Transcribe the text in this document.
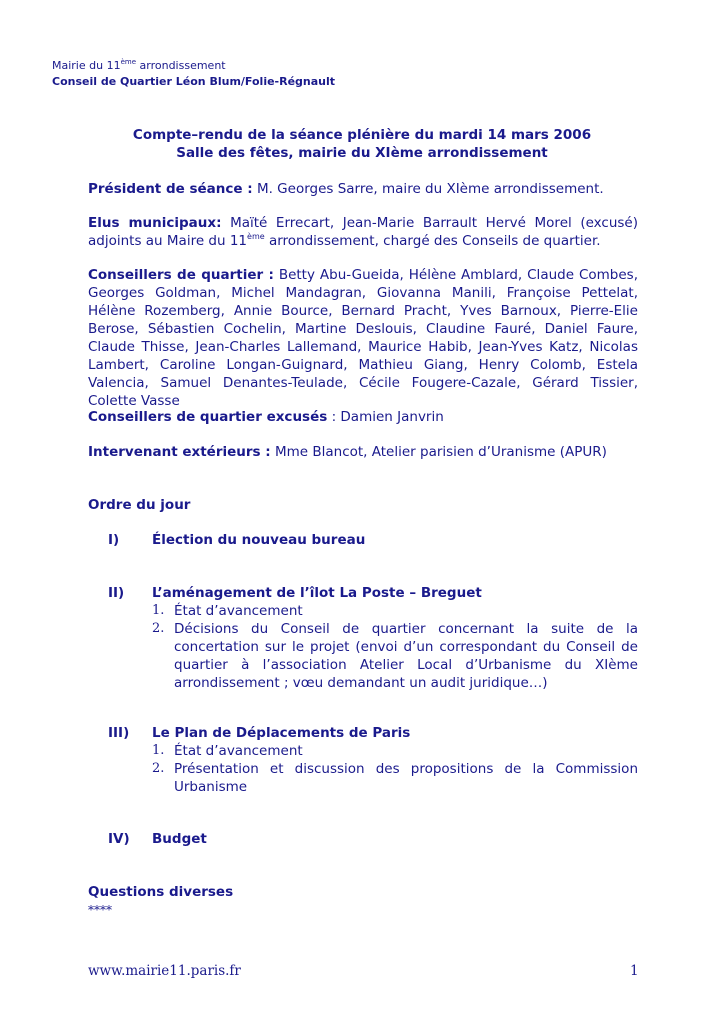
Mairie du 11ème arrondissement
Conseil de Quartier Léon Blum/Folie-Régnault
Compte–rendu de la séance plénière du mardi 14 mars 2006
Salle des fêtes, mairie du XIème arrondissement
Président de séance : M. Georges Sarre, maire du XIème arrondissement.
Elus municipaux: Maïté Errecart, Jean-Marie Barrault Hervé Morel (excusé) adjoints au Maire du 11ème arrondissement, chargé des Conseils de quartier.
Conseillers de quartier : Betty Abu-Gueida, Hélène Amblard, Claude Combes, Georges Goldman, Michel Mandagran, Giovanna Manili, Françoise Pettelat, Hélène Rozemberg, Annie Bource, Bernard Pracht, Yves Barnoux, Pierre-Elie Berose, Sébastien Cochelin, Martine Deslouis, Claudine Fauré, Daniel Faure, Claude Thisse, Jean-Charles Lallemand, Maurice Habib, Jean-Yves Katz, Nicolas Lambert, Caroline Longan-Guignard, Mathieu Giang, Henry Colomb, Estela Valencia, Samuel Denantes-Teulade, Cécile Fougere-Cazale, Gérard Tissier, Colette Vasse
Conseillers de quartier excusés : Damien Janvrin
Intervenant extérieurs : Mme Blancot, Atelier parisien d’Uranisme (APUR)
Ordre du jour
I) Élection du nouveau bureau
II) L’aménagement de l’îlot La Poste – Breguet
1. État d’avancement
2. Décisions du Conseil de quartier concernant la suite de la concertation sur le projet (envoi d’un correspondant du Conseil de quartier à l’association Atelier Local d’Urbanisme du XIème arrondissement ; vœu demandant un audit juridique…)
III) Le Plan de Déplacements de Paris
1. État d’avancement
2. Présentation et discussion des propositions de la Commission Urbanisme
IV) Budget
Questions diverses
****
www.mairie11.paris.fr	1
